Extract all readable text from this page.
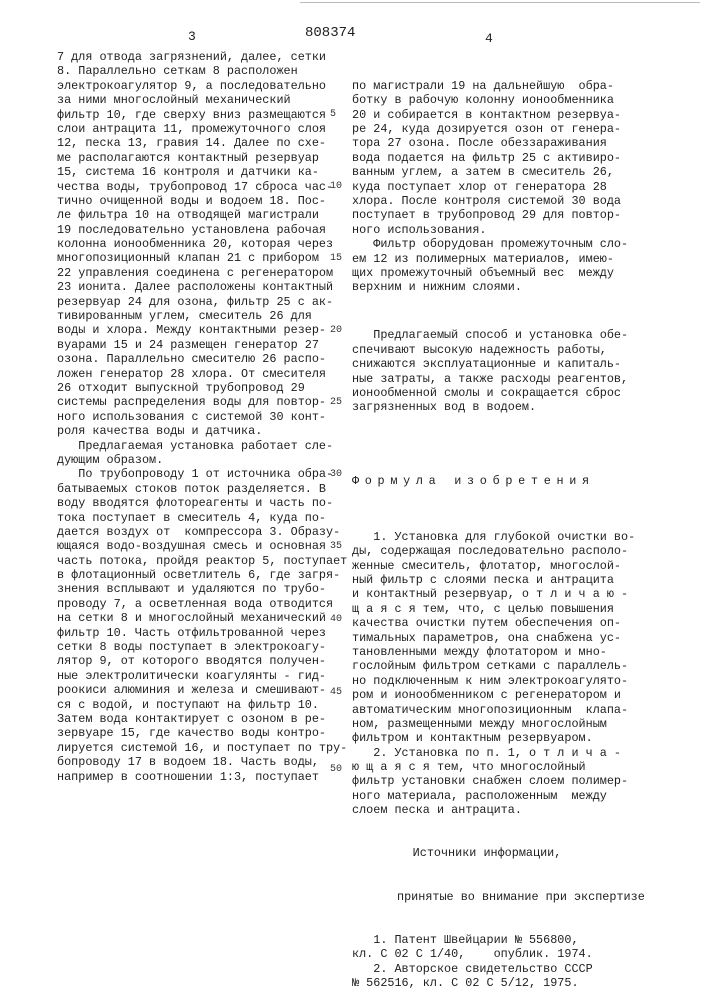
3	808374	4
7 для отвода загрязнений, далее, сетки
8. Параллельно сеткам 8 расположен
электрокоагулятор 9, а последовательно
за ними многослойный механический
фильтр 10, где сверху вниз размещаются
слои антрацита 11, промежуточного слоя
12, песка 13, гравия 14. Далее по схе-
ме располагаются контактный резервуар
15, система 16 контроля и датчики ка-
чества воды, трубопровод 17 сброса час-
тично очищенной воды и водоем 18. Пос-
ле фильтра 10 на отводящей магистрали
19 последовательно установлена рабочая
колонна ионообменника 20, которая через
многопозиционный клапан 21 с прибором
22 управления соединена с регенератором
23 ионита. Далее расположены контактный
резервуар 24 для озона, фильтр 25 с ак-
тивированным углем, смеситель 26 для
воды и хлора. Между контактными резер-
вуарами 15 и 24 размещен генератор 27
озона. Параллельно смесителю 26 распо-
ложен генератор 28 хлора. От смесителя
26 отходит выпускной трубопровод 29
системы распределения воды для повтор-
ного использования с системой 30 конт-
роля качества воды и датчика.
Предлагаемая установка работает сле-
дующим образом.
По трубопроводу 1 от источника обра-
батываемых стоков поток разделяется. В
воду вводятся флотореагенты и часть по-
тока поступает в смеситель 4, куда по-
дается воздух от  компрессора 3. Образу-
ющаяся водо-воздушная смесь и основная
часть потока, пройдя реактор 5, поступает
в флотационный осветлитель 6, где загря-
знения всплывают и удаляются по трубо-
проводу 7, а осветленная вода отводится
на сетки 8 и многослойный механический
фильтр 10. Часть отфильтрованной через
сетки 8 воды поступает в электрокоагу-
лятор 9, от которого вводятся получен-
ные электролитически коагулянты - гид-
роокиси алюминия и железа и смешивают-
ся с водой, и поступают на фильтр 10.
Затем вода контактирует с озоном в ре-
зервуаре 15, где качество воды контро-
лируется системой 16, и поступает по тру-
бопроводу 17 в водоем 18. Часть воды,
например в соотношении 1:3, поступает

по магистрали 19 на дальнейшую  обра-
ботку в рабочую колонну ионообменника
20 и собирается в контактном резервуа-
ре 24, куда дозируется озон от генера-
тора 27 озона. После обеззараживания
вода подается на фильтр 25 с активиро-
ванным углем, а затем в смеситель 26,
куда поступает хлор от генератора 28
хлора. После контроля системой 30 вода
поступает в трубопровод 29 для повтор-
ного использования.
Фильтр оборудован промежуточным сло-
ем 12 из полимерных материалов, имею-
щих промежуточный объемный вес  между
верхним и нижним слоями.

Предлагаемый способ и установка обе-
спечивают высокую надежность работы,
снижаются эксплуатационные и капиталь-
ные затраты, а также расходы реагентов,
ионообменной смолы и сокращается сброс
загрязненных вод в водоем.

Формула изобретения

1. Установка для глубокой очистки во-
ды, содержащая последовательно располо-
женные смеситель, флотатор, многослой-
ный фильтр с слоями песка и антрацита
и контактный резервуар, о т л и ч а ю -
щ а я с я тем, что, с целью повышения
качества очистки путем обеспечения оп-
тимальных параметров, она снабжена ус-
тановленными между флотатором и мно-
гослойным фильтром сетками с параллель-
но подключенным к ним электрокоагулято-
ром и ионообменником с регенератором и
автоматическим многопозиционным  клапа-
ном, размещенными между многослойным
фильтром и контактным резервуаром.
2. Установка по п. 1, о т л и ч а -
ю щ а я с я тем, что многослойный
фильтр установки снабжен слоем полимер-
ного материала, расположенным  между
слоем песка и антрацита.

Источники информации,

принятые во внимание при экспертизе

1. Патент Швейцарии № 556800,
кл. С 02 С 1/40,    опублик. 1974.
2. Авторское свидетельство СССР
№ 562516, кл. С 02 С 5/12, 1975.

5
10
15
20
25
30
35
40
45
50
